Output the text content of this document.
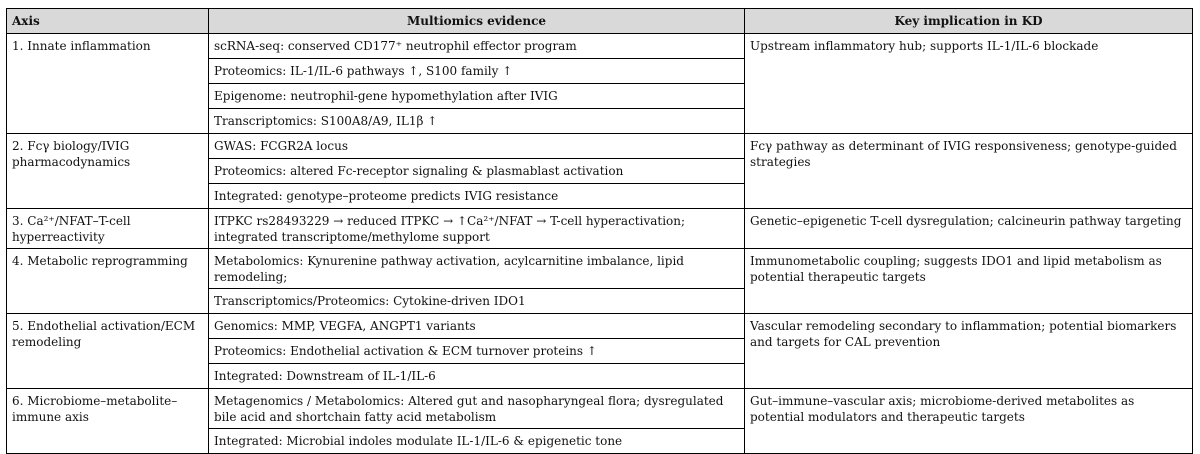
Axis	Multiomics evidence	Key implication in KD
1. Innate inflammation	scRNA-seq: conserved CD177⁺ neutrophil effector program	Upstream inflammatory hub; supports IL-1/IL-6 blockade
	Proteomics: IL-1/IL-6 pathways ↑, S100 family ↑	
	Epigenome: neutrophil-gene hypomethylation after IVIG	
	Transcriptomics: S100A8/A9, IL1β ↑	
2. Fcγ biology/IVIG pharmacodynamics	GWAS: FCGR2A locus	Fcγ pathway as determinant of IVIG responsiveness; genotype-guided strategies
	Proteomics: altered Fc-receptor signaling & plasmablast activation	
	Integrated: genotype–proteome predicts IVIG resistance	
3. Ca²⁺/NFAT–T-cell hyperreactivity	ITPKC rs28493229 → reduced ITPKC → ↑Ca²⁺/NFAT → T-cell hyperactivation; integrated transcriptome/methylome support	Genetic–epigenetic T-cell dysregulation; calcineurin pathway targeting
4. Metabolic reprogramming	Metabolomics: Kynurenine pathway activation, acylcarnitine imbalance, lipid remodeling;	Immunometabolic coupling; suggests IDO1 and lipid metabolism as potential therapeutic targets
	Transcriptomics/Proteomics: Cytokine-driven IDO1	
5. Endothelial activation/ECM remodeling	Genomics: MMP, VEGFA, ANGPT1 variants	Vascular remodeling secondary to inflammation; potential biomarkers and targets for CAL prevention
	Proteomics: Endothelial activation & ECM turnover proteins ↑	
	Integrated: Downstream of IL-1/IL-6	
6. Microbiome–metabolite–immune axis	Metagenomics / Metabolomics: Altered gut and nasopharyngeal flora; dysregulated bile acid and shortchain fatty acid metabolism	Gut–immune–vascular axis; microbiome-derived metabolites as potential modulators and therapeutic targets
	Integrated: Microbial indoles modulate IL-1/IL-6 & epigenetic tone	
